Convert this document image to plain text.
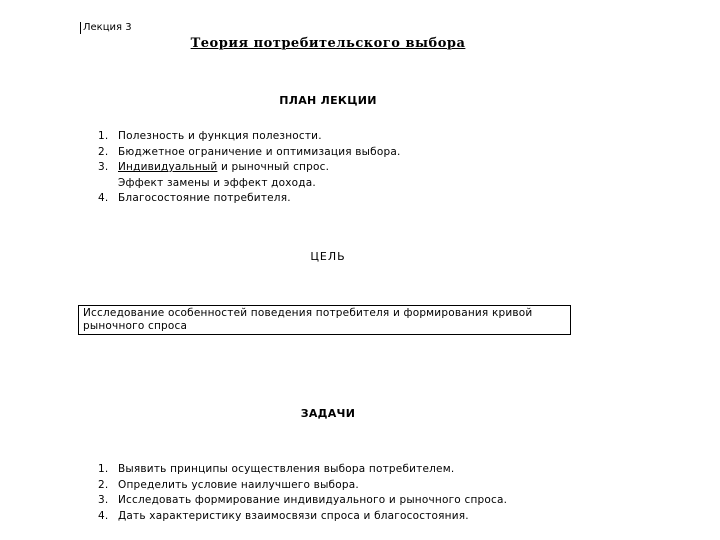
Лекция 3
Теория потребительского выбора
ПЛАН ЛЕКЦИИ
1. Полезность и функция полезности.
2. Бюджетное ограничение и оптимизация выбора.
3. Индивидуальный и рыночный спрос.
Эффект замены и эффект дохода.
4. Благосостояние потребителя.
ЦЕЛЬ
Исследование особенностей поведения потребителя и формирования кривой рыночного спроса
ЗАДАЧИ
1. Выявить принципы осуществления выбора потребителем.
2. Определить условие наилучшего выбора.
3. Исследовать формирование индивидуального и рыночного спроса.
4. Дать характеристику взаимосвязи спроса и благосостояния.
